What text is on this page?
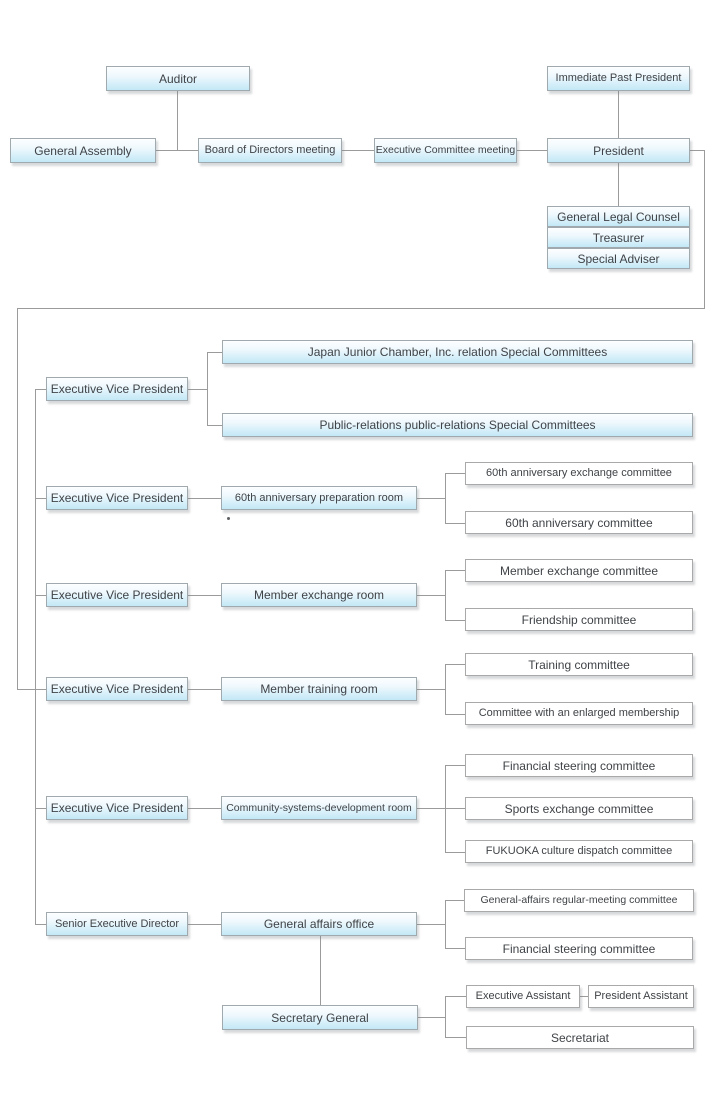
Auditor	Immediate Past President
General Assembly	Board of Directors meeting	Executive Committee meeting	President
General Legal Counsel
Treasurer
Special Adviser
Executive Vice President
Japan Junior Chamber, Inc. relation Special Committees
Public-relations public-relations Special Committees
Executive Vice President	60th anniversary preparation room
60th anniversary exchange committee
60th anniversary committee
Executive Vice President	Member exchange room
Member exchange committee
Friendship committee
Executive Vice President	Member training room
Training committee
Committee with an enlarged membership
Executive Vice President	Community-systems-development room
Financial steering committee
Sports exchange committee
FUKUOKA culture dispatch committee
Senior Executive Director	General affairs office
General-affairs regular-meeting committee
Financial steering committee
Secretary General
Executive Assistant	President Assistant
Secretariat
